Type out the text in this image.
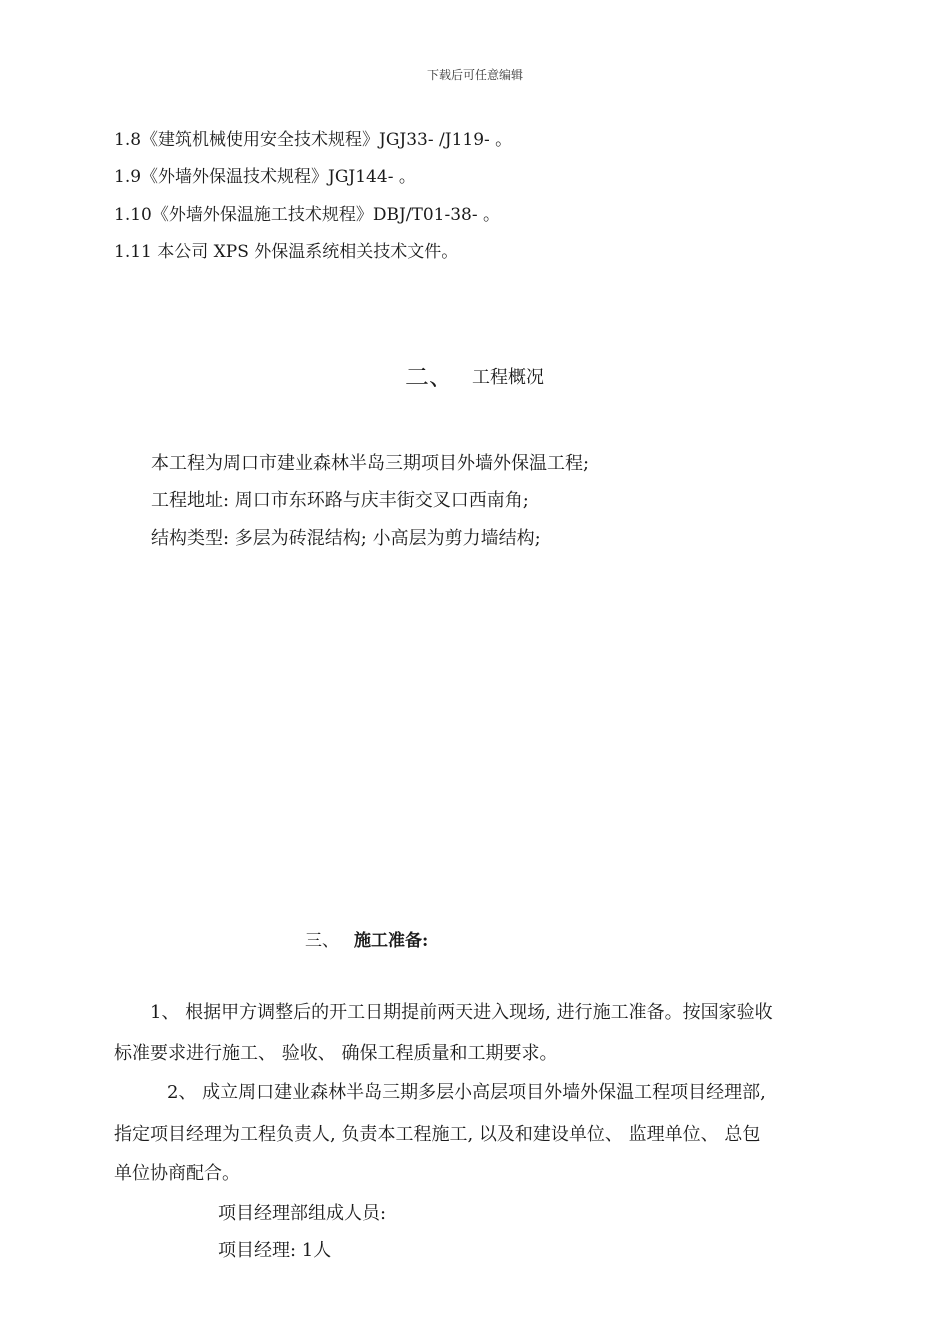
下载后可任意编辑
1.8《建筑机械使用安全技术规程》JGJ33- /J119- 。
1.9《外墙外保温技术规程》JGJ144- 。
1.10《外墙外保温施工技术规程》DBJ/T01-38- 。
1.11 本公司 XPS 外保温系统相关技术文件。
二、 工程概况
本工程为周口市建业森林半岛三期项目外墙外保温工程;
工程地址: 周口市东环路与庆丰街交叉口西南角;
结构类型: 多层为砖混结构; 小高层为剪力墙结构;
三、 施工准备:
1、 根据甲方调整后的开工日期提前两天进入现场, 进行施工准备。按国家验收
标准要求进行施工、 验收、 确保工程质量和工期要求。
2、 成立周口建业森林半岛三期多层小高层项目外墙外保温工程项目经理部,
指定项目经理为工程负责人, 负责本工程施工, 以及和建设单位、 监理单位、 总包
单位协商配合。
项目经理部组成人员:
项目经理: 1人
